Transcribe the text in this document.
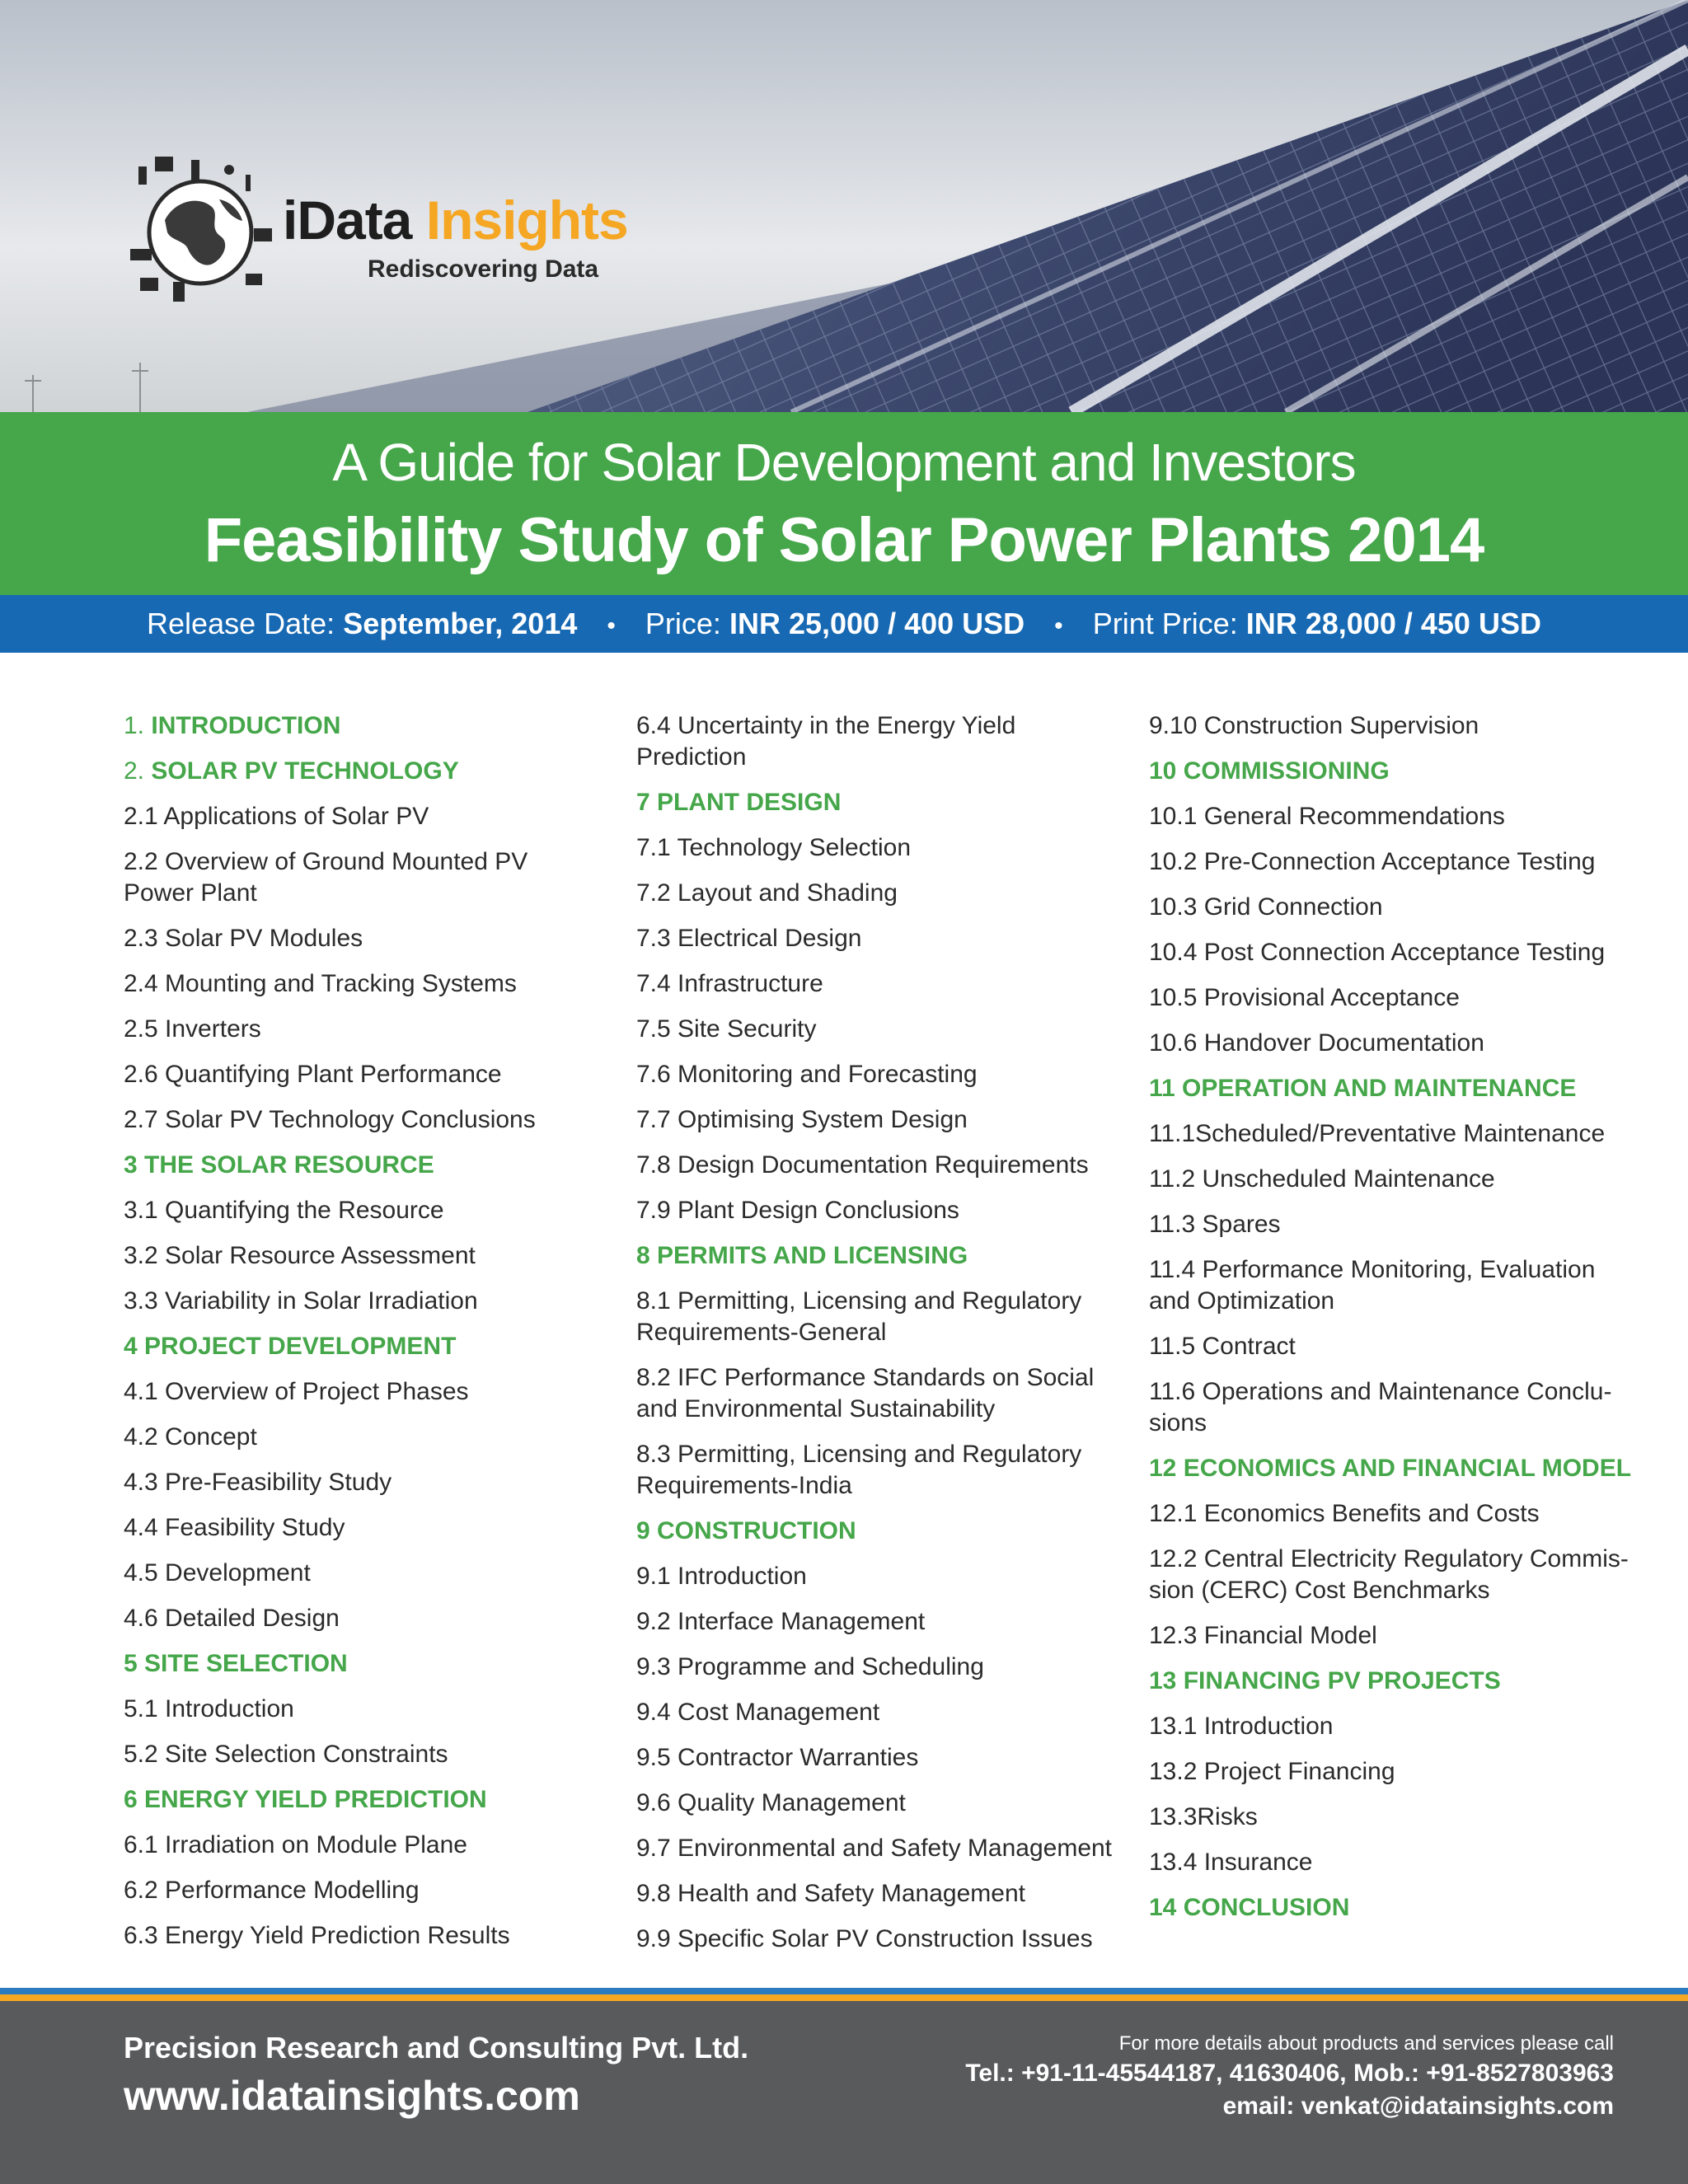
iData Insights
Rediscovering Data
A Guide for Solar Development and Investors
Feasibility Study of Solar Power Plants 2014
Release Date: September, 2014 • Price: INR 25,000 / 400 USD • Print Price: INR 28,000 / 450 USD
1. INTRODUCTION
2. SOLAR PV TECHNOLOGY
2.1 Applications of Solar PV
2.2 Overview of Ground Mounted PV Power Plant
2.3 Solar PV Modules
2.4 Mounting and Tracking Systems
2.5 Inverters
2.6 Quantifying Plant Performance
2.7 Solar PV Technology Conclusions
3 THE SOLAR RESOURCE
3.1 Quantifying the Resource
3.2 Solar Resource Assessment
3.3 Variability in Solar Irradiation
4 PROJECT DEVELOPMENT
4.1 Overview of Project Phases
4.2 Concept
4.3 Pre-Feasibility Study
4.4 Feasibility Study
4.5 Development
4.6 Detailed Design
5 SITE SELECTION
5.1 Introduction
5.2 Site Selection Constraints
6 ENERGY YIELD PREDICTION
6.1 Irradiation on Module Plane
6.2 Performance Modelling
6.3 Energy Yield Prediction Results
6.4 Uncertainty in the Energy Yield Prediction
7 PLANT DESIGN
7.1 Technology Selection
7.2 Layout and Shading
7.3 Electrical Design
7.4 Infrastructure
7.5 Site Security
7.6 Monitoring and Forecasting
7.7 Optimising System Design
7.8 Design Documentation Requirements
7.9 Plant Design Conclusions
8 PERMITS AND LICENSING
8.1 Permitting, Licensing and Regulatory Requirements-General
8.2 IFC Performance Standards on Social and Environmental Sustainability
8.3 Permitting, Licensing and Regulatory Requirements-India
9 CONSTRUCTION
9.1 Introduction
9.2 Interface Management
9.3 Programme and Scheduling
9.4 Cost Management
9.5 Contractor Warranties
9.6 Quality Management
9.7 Environmental and Safety Management
9.8 Health and Safety Management
9.9 Specific Solar PV Construction Issues
9.10 Construction Supervision
10 COMMISSIONING
10.1 General Recommendations
10.2 Pre-Connection Acceptance Testing
10.3 Grid Connection
10.4 Post Connection Acceptance Testing
10.5 Provisional Acceptance
10.6 Handover Documentation
11 OPERATION AND MAINTENANCE
11.1Scheduled/Preventative Maintenance
11.2 Unscheduled Maintenance
11.3 Spares
11.4 Performance Monitoring, Evaluation and Optimization
11.5 Contract
11.6 Operations and Maintenance Conclu-sions
12 ECONOMICS AND FINANCIAL MODEL
12.1 Economics Benefits and Costs
12.2 Central Electricity Regulatory Commis-sion (CERC) Cost Benchmarks
12.3 Financial Model
13 FINANCING PV PROJECTS
13.1 Introduction
13.2 Project Financing
13.3Risks
13.4 Insurance
14 CONCLUSION
Precision Research and Consulting Pvt. Ltd.
www.idatainsights.com
For more details about products and services please call
Tel.: +91-11-45544187, 41630406, Mob.: +91-8527803963
email: venkat@idatainsights.com
